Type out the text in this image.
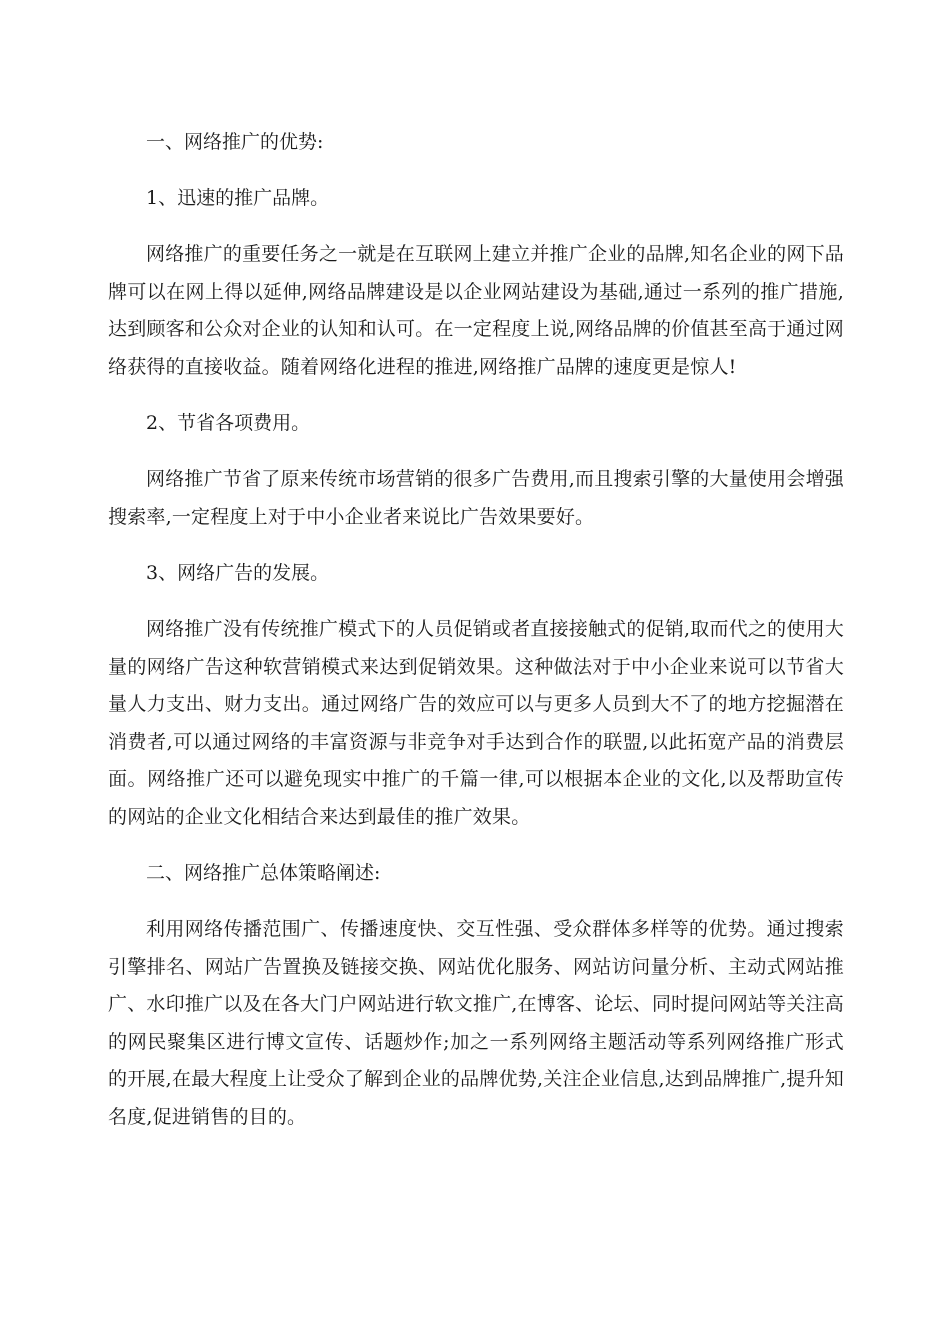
一、网络推广的优势:

1、迅速的推广品牌。

网络推广的重要任务之一就是在互联网上建立并推广企业的品牌,知名企业的网下品牌可以在网上得以延伸,网络品牌建设是以企业网站建设为基础,通过一系列的推广措施,达到顾客和公众对企业的认知和认可。在一定程度上说,网络品牌的价值甚至高于通过网络获得的直接收益。随着网络化进程的推进,网络推广品牌的速度更是惊人!

2、节省各项费用。

网络推广节省了原来传统市场营销的很多广告费用,而且搜索引擎的大量使用会增强搜索率,一定程度上对于中小企业者来说比广告效果要好。

3、网络广告的发展。

网络推广没有传统推广模式下的人员促销或者直接接触式的促销,取而代之的使用大量的网络广告这种软营销模式来达到促销效果。这种做法对于中小企业来说可以节省大量人力支出、财力支出。通过网络广告的效应可以与更多人员到大不了的地方挖掘潜在消费者,可以通过网络的丰富资源与非竞争对手达到合作的联盟,以此拓宽产品的消费层面。网络推广还可以避免现实中推广的千篇一律,可以根据本企业的文化,以及帮助宣传的网站的企业文化相结合来达到最佳的推广效果。

二、网络推广总体策略阐述:

利用网络传播范围广、传播速度快、交互性强、受众群体多样等的优势。通过搜索引擎排名、网站广告置换及链接交换、网站优化服务、网站访问量分析、主动式网站推广、水印推广以及在各大门户网站进行软文推广,在博客、论坛、同时提问网站等关注高的网民聚集区进行博文宣传、话题炒作;加之一系列网络主题活动等系列网络推广形式的开展,在最大程度上让受众了解到企业的品牌优势,关注企业信息,达到品牌推广,提升知名度,促进销售的目的。
